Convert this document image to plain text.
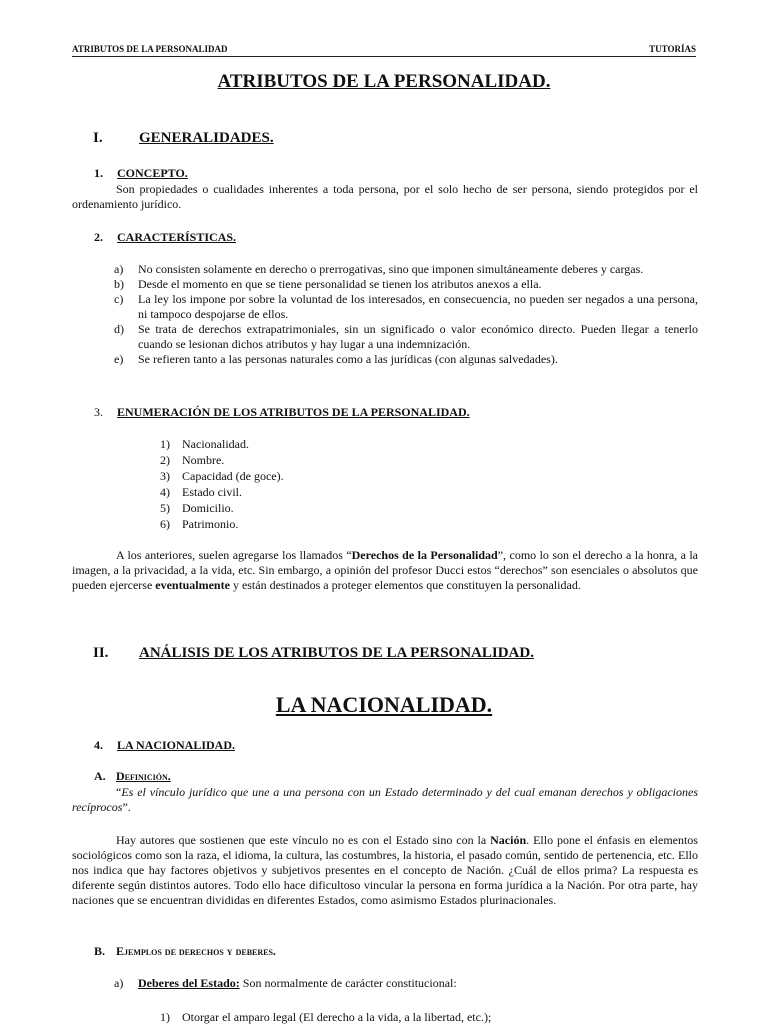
ATRIBUTOS DE LA PERSONALIDAD	TUTORÍAS
ATRIBUTOS DE LA PERSONALIDAD.
I. GENERALIDADES.
1. CONCEPTO.
Son propiedades o cualidades inherentes a toda persona, por el solo hecho de ser persona, siendo protegidos por el ordenamiento jurídico.
2. CARACTERÍSTICAS.
a) No consisten solamente en derecho o prerrogativas, sino que imponen simultáneamente deberes y cargas.
b) Desde el momento en que se tiene personalidad se tienen los atributos anexos a ella.
c) La ley los impone por sobre la voluntad de los interesados, en consecuencia, no pueden ser negados a una persona, ni tampoco despojarse de ellos.
d) Se trata de derechos extrapatrimoniales, sin un significado o valor económico directo. Pueden llegar a tenerlo cuando se lesionan dichos atributos y hay lugar a una indemnización.
e) Se refieren tanto a las personas naturales como a las jurídicas (con algunas salvedades).
3. ENUMERACIÓN DE LOS ATRIBUTOS DE LA PERSONALIDAD.
1) Nacionalidad.
2) Nombre.
3) Capacidad (de goce).
4) Estado civil.
5) Domicilio.
6) Patrimonio.
A los anteriores, suelen agregarse los llamados “Derechos de la Personalidad”, como lo son el derecho a la honra, a la imagen, a la privacidad, a la vida, etc. Sin embargo, a opinión del profesor Ducci estos “derechos” son esenciales o absolutos que pueden ejercerse eventualmente y están destinados a proteger elementos que constituyen la personalidad.
II. ANÁLISIS DE LOS ATRIBUTOS DE LA PERSONALIDAD.
LA NACIONALIDAD.
4. LA NACIONALIDAD.
A. Definición.
“Es el vínculo jurídico que une a una persona con un Estado determinado y del cual emanan derechos y obligaciones recíprocos”.
Hay autores que sostienen que este vínculo no es con el Estado sino con la Nación. Ello pone el énfasis en elementos sociológicos como son la raza, el idioma, la cultura, las costumbres, la historia, el pasado común, sentido de pertenencia, etc. Ello nos indica que hay factores objetivos y subjetivos presentes en el concepto de Nación. ¿Cuál de ellos prima? La respuesta es diferente según distintos autores. Todo ello hace dificultoso vincular la persona en forma jurídica a la Nación. Por otra parte, hay naciones que se encuentran divididas en diferentes Estados, como asimismo Estados plurinacionales.
B. Ejemplos de derechos y deberes.
a) Deberes del Estado: Son normalmente de carácter constitucional:
1) Otorgar el amparo legal (El derecho a la vida, a la libertad, etc.);
